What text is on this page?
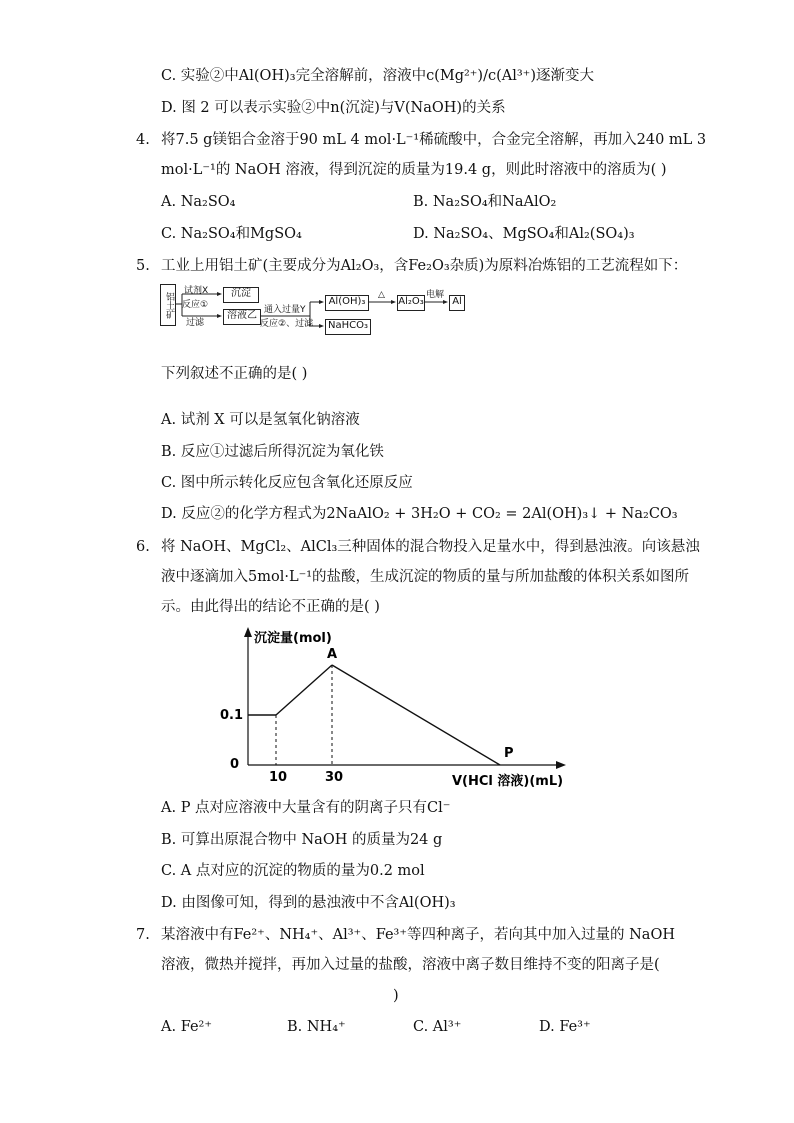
C. 实验②中Al(OH)₃完全溶解前，溶液中c(Mg²⁺)/c(Al³⁺)逐渐变大
D. 图 2 可以表示实验②中n(沉淀)与V(NaOH)的关系
4. 将7.5 g镁铝合金溶于90 mL 4 mol·L⁻¹稀硫酸中，合金完全溶解，再加入240 mL 3
mol·L⁻¹的 NaOH 溶液，得到沉淀的质量为19.4 g，则此时溶液中的溶质为( )
A. Na₂SO₄	B. Na₂SO₄和NaAlO₂
C. Na₂SO₄和MgSO₄	D. Na₂SO₄、MgSO₄和Al₂(SO₄)₃
5. 工业上用铝土矿(主要成分为Al₂O₃，含Fe₂O₃杂质)为原料冶炼铝的工艺流程如下：
铝土矿
试剂X
反应①
过滤
沉淀
溶液乙 通入过量Y
反应②、过滤
Al(OH)₃
NaHCO₃
△
Al₂O₃
电解
Al
下列叙述不正确的是( )
A. 试剂 X 可以是氢氧化钠溶液
B. 反应①过滤后所得沉淀为氧化铁
C. 图中所示转化反应包含氧化还原反应
D. 反应②的化学方程式为2NaAlO₂ + 3H₂O + CO₂ = 2Al(OH)₃↓ + Na₂CO₃
6. 将 NaOH、MgCl₂、AlCl₃三种固体的混合物投入足量水中，得到悬浊液。向该悬浊
液中逐滴加入5mol·L⁻¹的盐酸，生成沉淀的物质的量与所加盐酸的体积关系如图所
示。由此得出的结论不正确的是( )
沉淀量(mol)
V(HCl 溶液)(mL)
0
10	30
0.1
A
P
A. P 点对应溶液中大量含有的阴离子只有Cl⁻
B. 可算出原混合物中 NaOH 的质量为24 g
C. A 点对应的沉淀的物质的量为0.2 mol
D. 由图像可知，得到的悬浊液中不含Al(OH)₃
7. 某溶液中有Fe²⁺、NH₄⁺、Al³⁺、Fe³⁺等四种离子，若向其中加入过量的 NaOH
溶液，微热并搅拌，再加入过量的盐酸，溶液中离子数目维持不变的阳离子是(
)
A. Fe²⁺	B. NH₄⁺	C. Al³⁺	D. Fe³⁺
